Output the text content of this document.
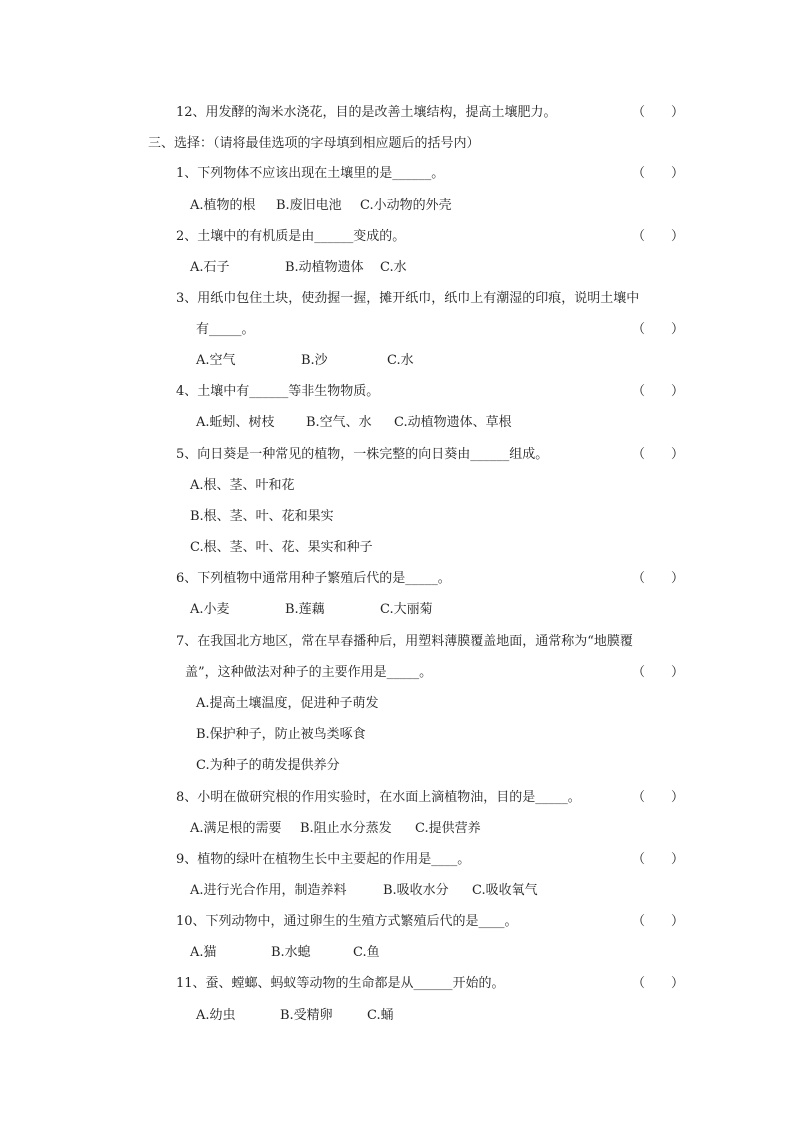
12、用发酵的淘米水浇花，目的是改善土壤结构，提高土壤肥力。	（　　）
三、选择：（请将最佳选项的字母填到相应题后的括号内）
1、下列物体不应该出现在土壤里的是______。	（　　）
A.植物的根 B.废旧电池 C.小动物的外壳
2、土壤中的有机质是由______变成的。	（　　）
A.石子	B.动植物遗体 C.水
3、用纸巾包住土块，使劲握一握，摊开纸巾，纸巾上有潮湿的印痕，说明土壤中
有_____。	（　　）
A.空气	B.沙	C.水
4、土壤中有______等非生物物质。	（　　）
A.蚯蚓、树枝 B.空气、水 C.动植物遗体、草根
5、向日葵是一种常见的植物，一株完整的向日葵由______组成。	（　　）
A.根、茎、叶和花
B.根、茎、叶、花和果实
C.根、茎、叶、花、果实和种子
6、下列植物中通常用种子繁殖后代的是_____。	（　　）
A.小麦	B.莲藕	C.大丽菊
7、在我国北方地区，常在早春播种后，用塑料薄膜覆盖地面，通常称为“地膜覆
盖”，这种做法对种子的主要作用是_____。	（　　）
A.提高土壤温度，促进种子萌发
B.保护种子，防止被鸟类啄食
C.为种子的萌发提供养分
8、小明在做研究根的作用实验时，在水面上滴植物油，目的是_____。	（　　）
A.满足根的需要 B.阻止水分蒸发 C.提供营养
9、植物的绿叶在植物生长中主要起的作用是____。	（　　）
A.进行光合作用，制造养料	B.吸收水分 C.吸收氧气
10、下列动物中，通过卵生的生殖方式繁殖后代的是____。	（　　）
A.猫	B.水螅	C.鱼
11、蚕、螳螂、蚂蚁等动物的生命都是从______开始的。	（　　）
A.幼虫	B.受精卵	C.蛹
